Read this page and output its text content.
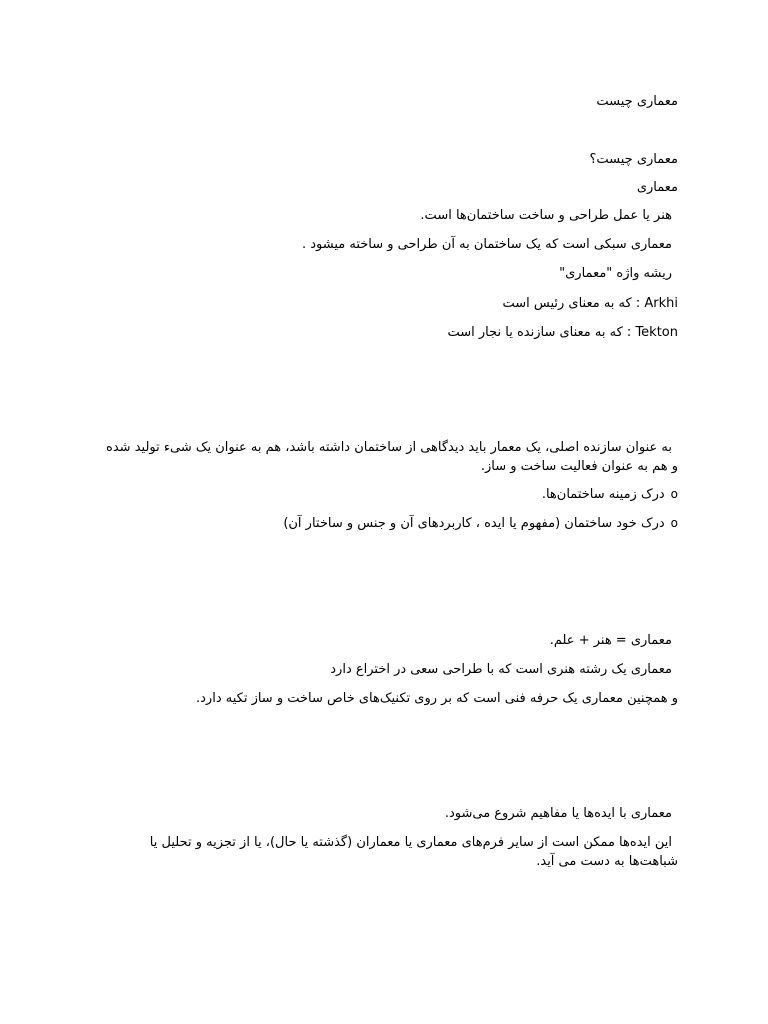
معماری چیست
معماری چیست؟
معماری
هنر یا عمل طراحی و ساخت ساختمان‌ها است.
معماری سبکی است که یک ساختمان به آن طراحی و ساخته میشود .
ریشه واژه "معماری"
Arkhi : که به معنای رئیس است
Tekton : که به معنای سازنده یا نجار است
به عنوان سازنده اصلی، یک معمار باید دیدگاهی از ساختمان داشته باشد، هم به عنوان یک شیء تولید شده و هم به عنوان فعالیت ساخت و ساز.
oدرک زمینه ساختمان‌ها.
oدرک خود ساختمان (مفهوم یا ایده ، کاربردهای آن و جنس و ساختار آن)
معماری = هنر + علم.
معماری یک رشته هنری است که با طراحی سعی در اختراع دارد
و همچنین معماری یک حرفه فنی است که بر روی تکنیک‌های خاص ساخت و ساز تکیه دارد.
معماری با ایده‌ها یا مفاهیم شروع می‌شود.
این ایده‌ها ممکن است از سایر فرم‌های معماری یا معماران (گذشته یا حال)، یا از تجزیه و تحلیل یا شباهت‌ها به دست می آید.
